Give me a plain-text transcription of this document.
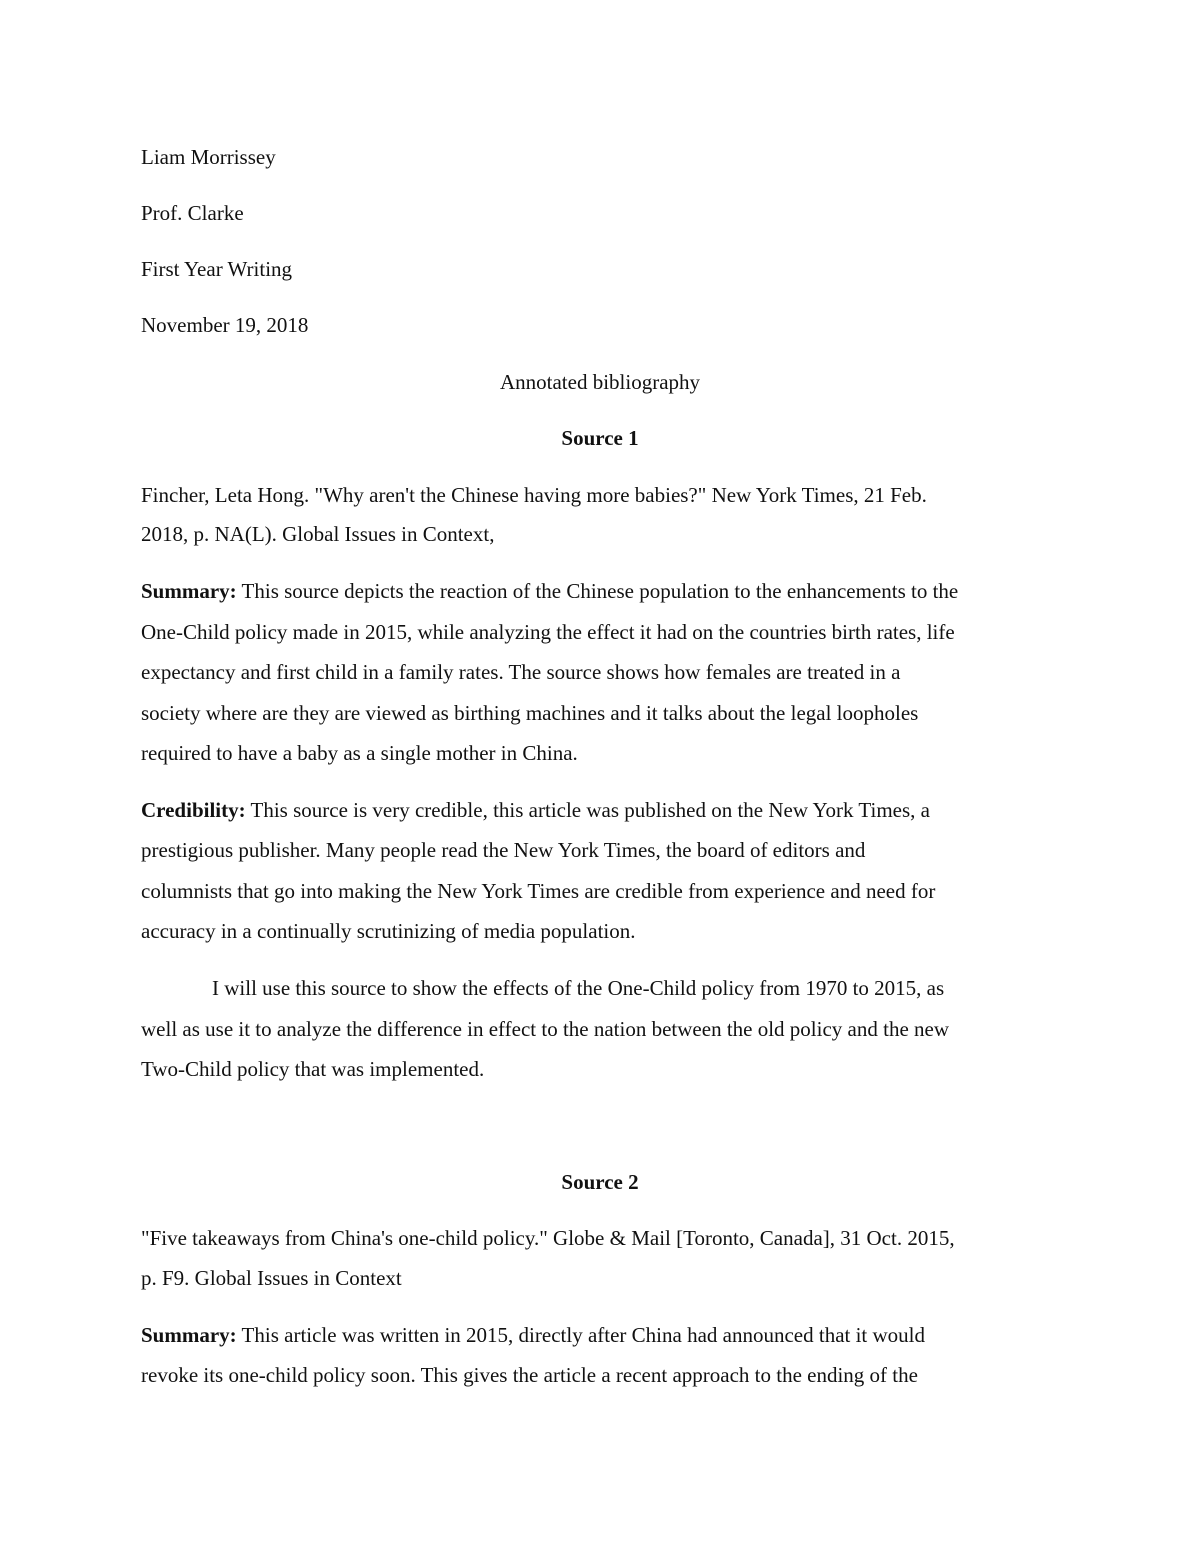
Liam Morrissey
Prof. Clarke
First Year Writing
November 19, 2018
Annotated bibliography
Source 1
Fincher, Leta Hong. "Why aren't the Chinese having more babies?" New York Times, 21 Feb.
2018, p. NA(L). Global Issues in Context,
Summary: This source depicts the reaction of the Chinese population to the enhancements to the
One-Child policy made in 2015, while analyzing the effect it had on the countries birth rates, life
expectancy and first child in a family rates. The source shows how females are treated in a
society where are they are viewed as birthing machines and it talks about the legal loopholes
required to have a baby as a single mother in China.
Credibility: This source is very credible, this article was published on the New York Times, a
prestigious publisher. Many people read the New York Times, the board of editors and
columnists that go into making the New York Times are credible from experience and need for
accuracy in a continually scrutinizing of media population.
I will use this source to show the effects of the One-Child policy from 1970 to 2015, as
well as use it to analyze the difference in effect to the nation between the old policy and the new
Two-Child policy that was implemented.
Source 2
"Five takeaways from China's one-child policy." Globe & Mail [Toronto, Canada], 31 Oct. 2015,
p. F9. Global Issues in Context
Summary: This article was written in 2015, directly after China had announced that it would
revoke its one-child policy soon. This gives the article a recent approach to the ending of the
